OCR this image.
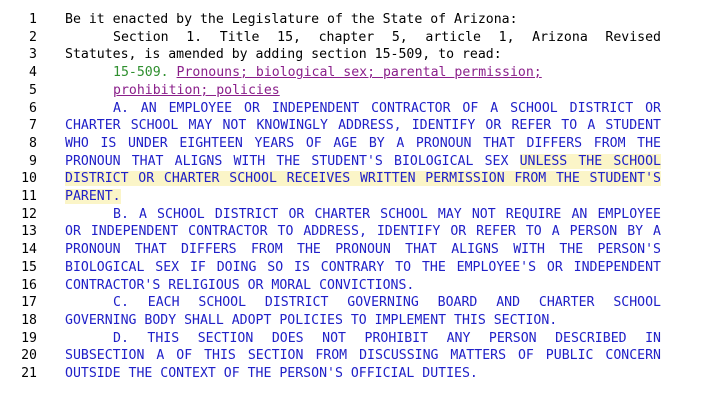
1 Be it enacted by the Legislature of the State of Arizona:
2	Section 1. Title 15, chapter 5, article 1, Arizona Revised
3 Statutes, is amended by adding section 15-509, to read:
4	15-509. Pronouns; biological sex; parental permission;
5	prohibition; policies
6	A. AN EMPLOYEE OR INDEPENDENT CONTRACTOR OF A SCHOOL DISTRICT OR
7 CHARTER SCHOOL MAY NOT KNOWINGLY ADDRESS, IDENTIFY OR REFER TO A STUDENT
8 WHO IS UNDER EIGHTEEN YEARS OF AGE BY A PRONOUN THAT DIFFERS FROM THE
9 PRONOUN THAT ALIGNS WITH THE STUDENT'S BIOLOGICAL SEX UNLESS THE SCHOOL
10 DISTRICT OR CHARTER SCHOOL RECEIVES WRITTEN PERMISSION FROM THE STUDENT'S
11 PARENT.
12	B. A SCHOOL DISTRICT OR CHARTER SCHOOL MAY NOT REQUIRE AN EMPLOYEE
13 OR INDEPENDENT CONTRACTOR TO ADDRESS, IDENTIFY OR REFER TO A PERSON BY A
14 PRONOUN THAT DIFFERS FROM THE PRONOUN THAT ALIGNS WITH THE PERSON'S
15 BIOLOGICAL SEX IF DOING SO IS CONTRARY TO THE EMPLOYEE'S OR INDEPENDENT
16 CONTRACTOR'S RELIGIOUS OR MORAL CONVICTIONS.
17	C. EACH SCHOOL DISTRICT GOVERNING BOARD AND CHARTER SCHOOL
18 GOVERNING BODY SHALL ADOPT POLICIES TO IMPLEMENT THIS SECTION.
19	D. THIS SECTION DOES NOT PROHIBIT ANY PERSON DESCRIBED IN
20 SUBSECTION A OF THIS SECTION FROM DISCUSSING MATTERS OF PUBLIC CONCERN
21 OUTSIDE THE CONTEXT OF THE PERSON'S OFFICIAL DUTIES.
